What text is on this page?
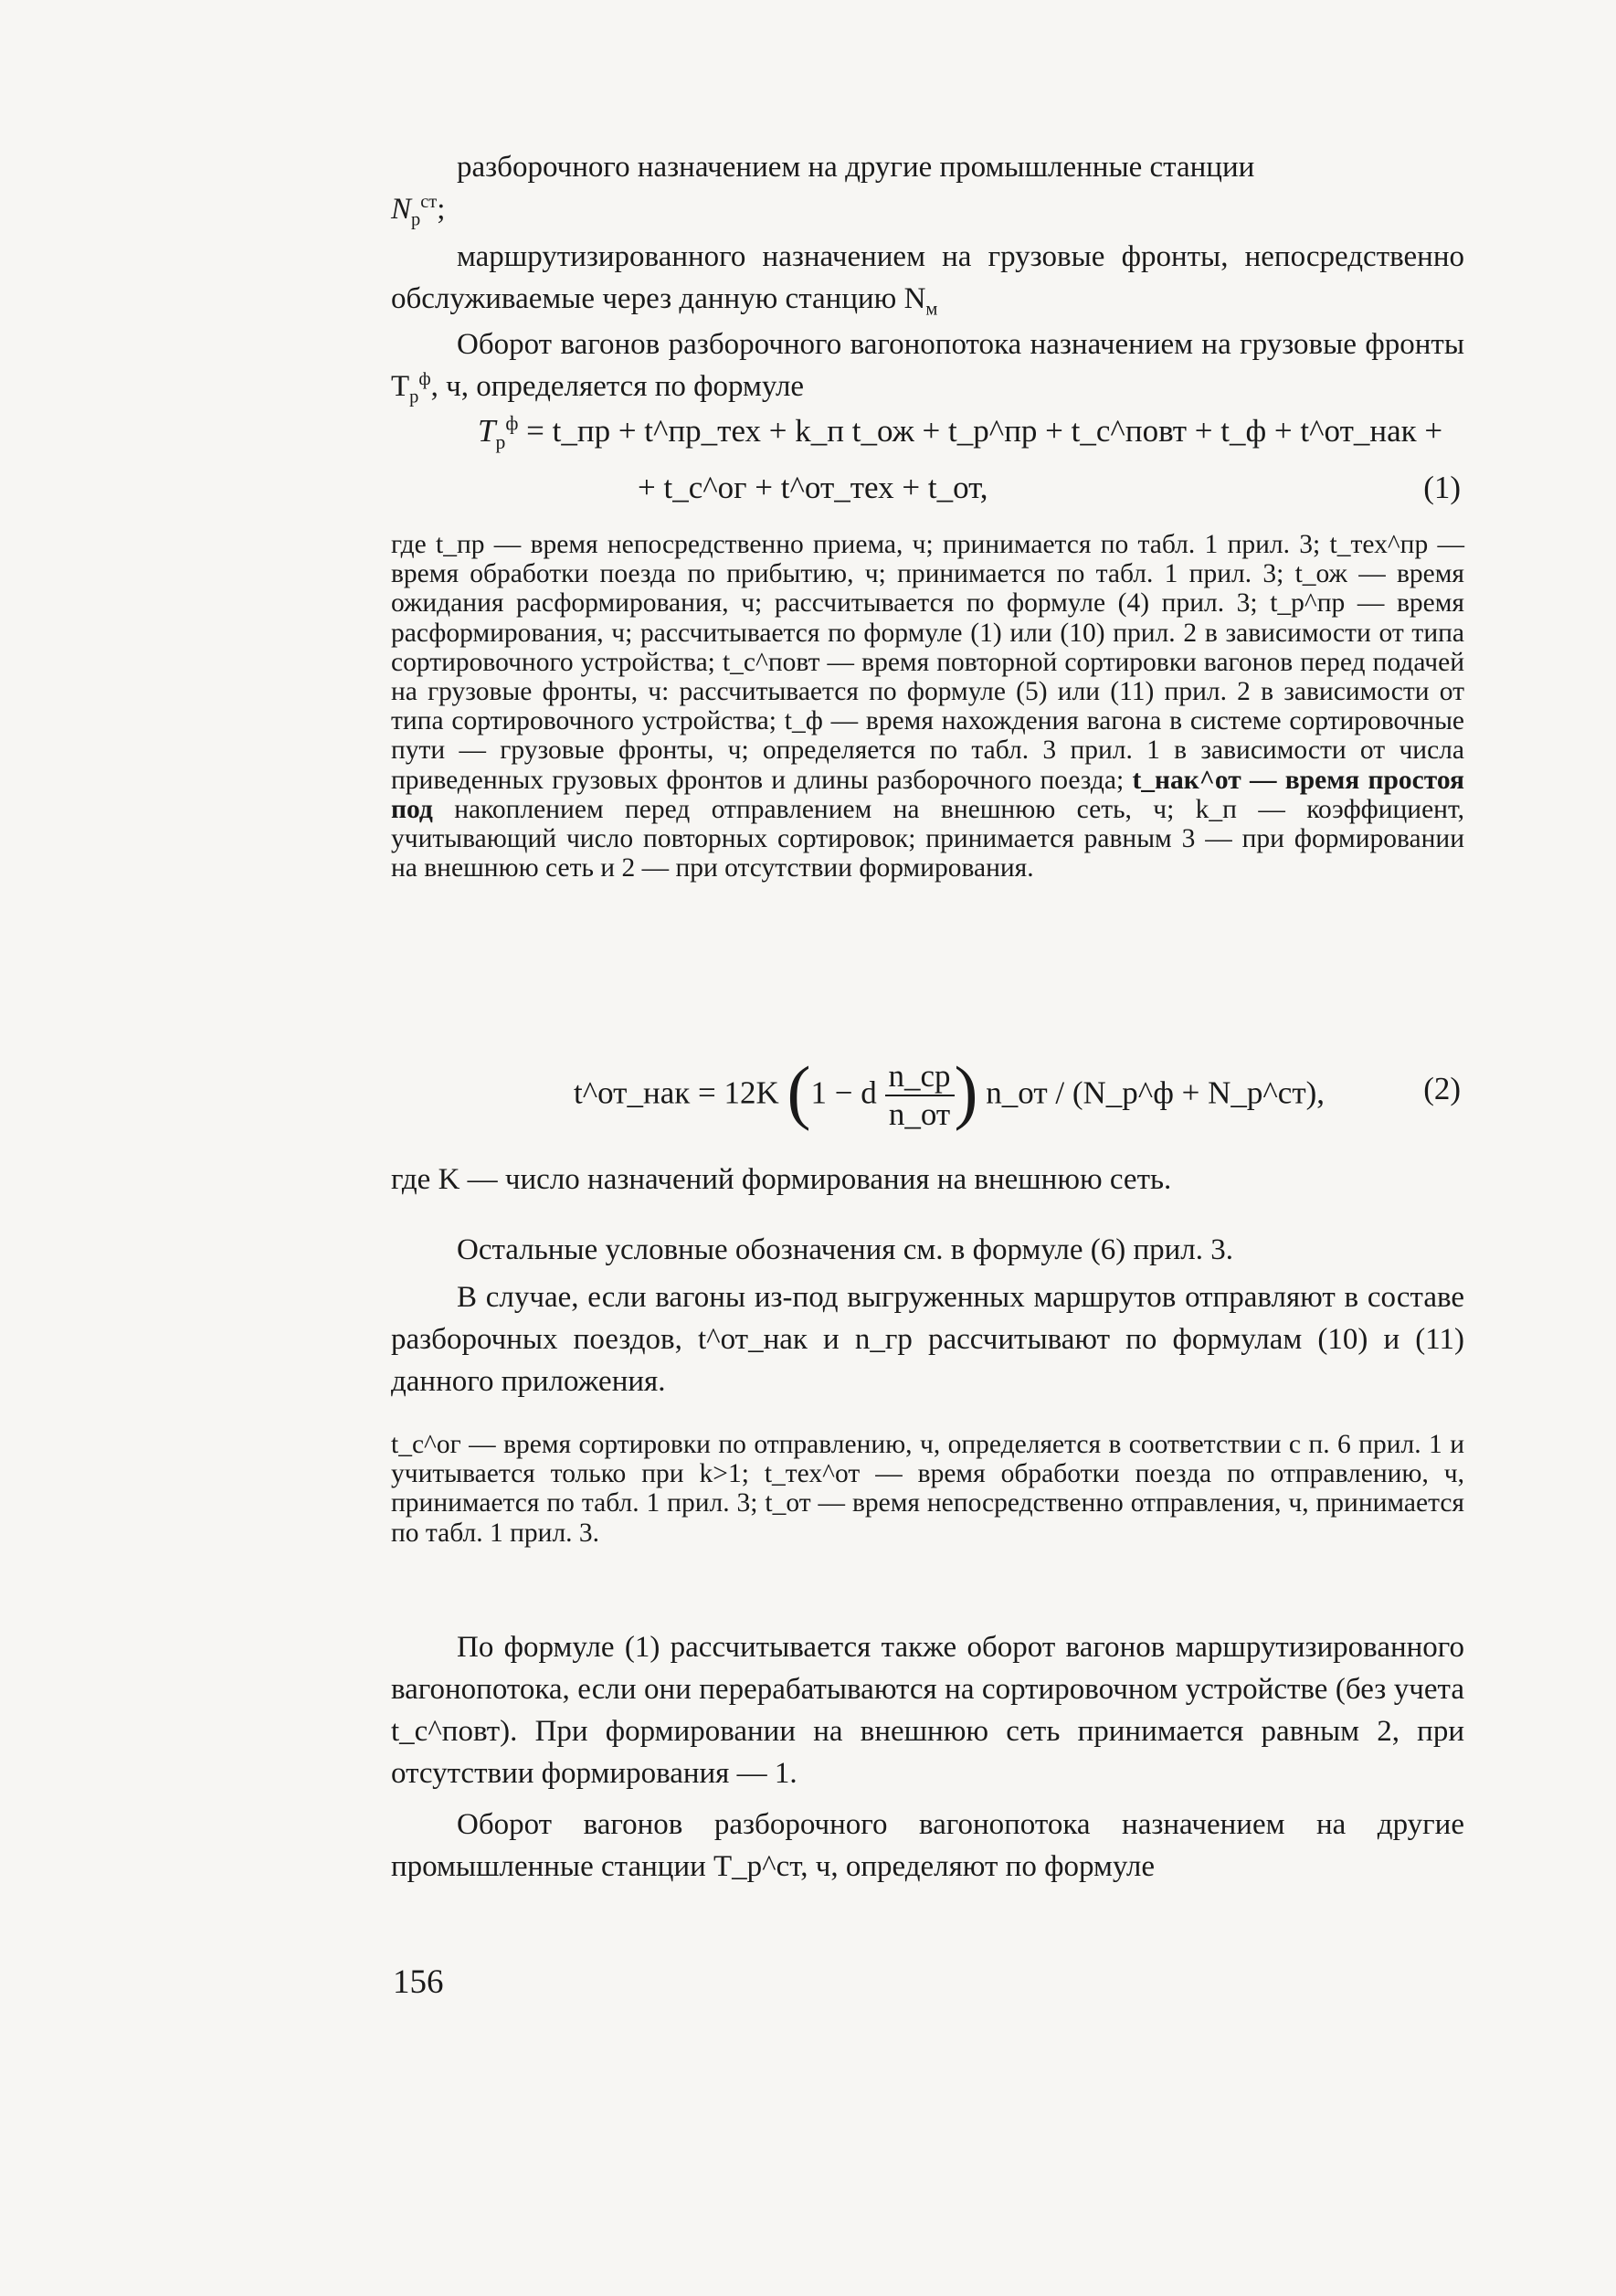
разборочного назначением на другие промышленные станции
$N_р^{ст}$;

маршрутизированного назначением на грузовые фронты, непосредственно обслуживаемые через данную станцию $N_м$

Оборот вагонов разборочного вагонопотока назначением на грузовые фронты $Т_р^ф$, ч, определяется по формуле

$T_р^ф$ = t_пр + t^пр_тех + k_п t_ож + t_р^пр + t_с^повт + t_ф + t^от_нак +
+ t_с^ог + t^от_тех + t_от,	(1)

где t_пр — время непосредственно приема, ч; принимается по табл. 1 прил. 3; t_тех^пр — время обработки поезда по прибытию, ч; принимается по табл. 1 прил. 3; t_ож — время ожидания расформирования, ч; рассчитывается по формуле (4) прил. 3; t_р^пр — время расформирования, ч; рассчитывается по формуле (1) или (10) прил. 2 в зависимости от типа сортировочного устройства; t_с^повт — время повторной сортировки вагонов перед подачей на грузовые фронты, ч: рассчитывается по формуле (5) или (11) прил. 2 в зависимости от типа сортировочного устройства; t_ф — время нахождения вагона в системе сортировочные пути — грузовые фронты, ч; определяется по табл. 3 прил. 1 в зависимости от числа приведенных грузовых фронтов и длины разборочного поезда; t_нак^от — время простоя под накоплением перед отправлением на внешнюю сеть, ч; k_п — коэффициент, учитывающий число повторных сортировок; принимается равным 3 — при формировании на внешнюю сеть и 2 — при отсутствии формирования.

t^от_нак = 12K (1 − d $\frac{n\_ср}{n\_от}$ ) n_от / (N_р^ф + N_р^ст),	(2)

где K — число назначений формирования на внешнюю сеть.

Остальные условные обозначения см. в формуле (6) прил. 3.

В случае, если вагоны из-под выгруженных маршрутов отправляют в составе разборочных поездов, t^от_нак и n_гр рассчитывают по формулам (10) и (11) данного приложения.

t_с^ог — время сортировки по отправлению, ч, определяется в соответствии с п. 6 прил. 1 и учитывается только при k>1; t_тех^от — время обработки поезда по отправлению, ч, принимается по табл. 1 прил. 3; t_от — время непосредственно отправления, ч, принимается по табл. 1 прил. 3.

По формуле (1) рассчитывается также оборот вагонов маршрутизированного вагонопотока, если они перерабатываются на сортировочном устройстве (без учета t_с^повт). При формировании на внешнюю сеть принимается равным 2, при отсутствии формирования — 1.

Оборот вагонов разборочного вагонопотока назначением на другие промышленные станции Т_р^ст, ч, определяют по формуле

156
